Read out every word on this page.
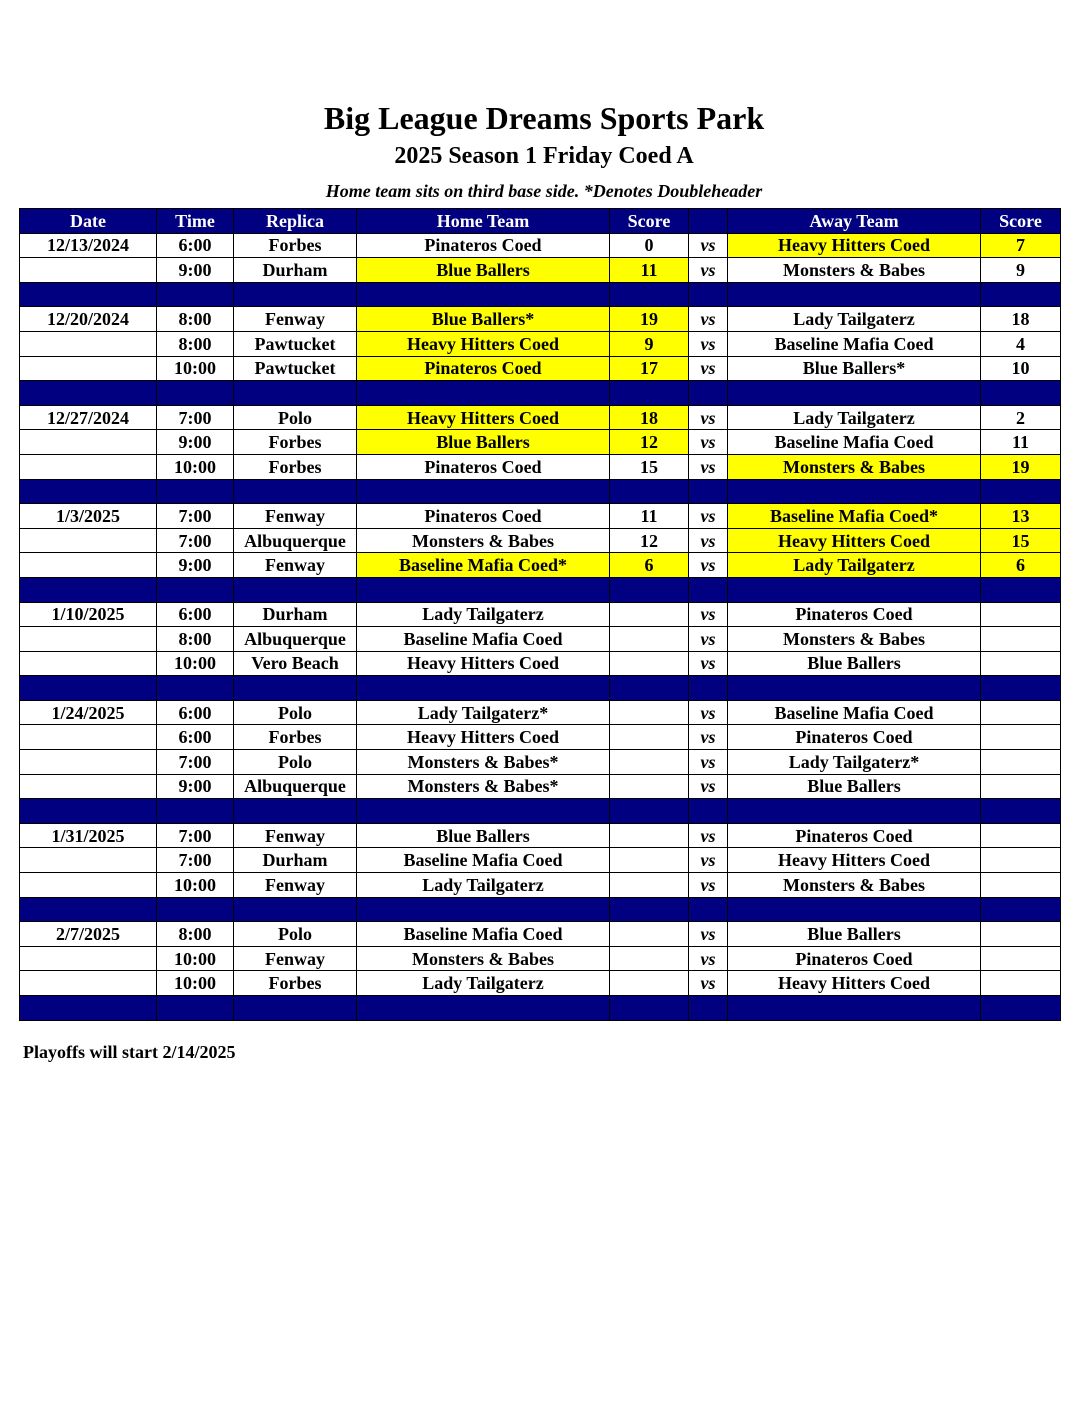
Big League Dreams Sports Park
2025 Season 1 Friday Coed A
Home team sits on third base side. *Denotes Doubleheader
Date	Time	Replica	Home Team	Score		Away Team	Score
12/13/2024	6:00	Forbes	Pinateros Coed	0	vs	Heavy Hitters Coed	7
	9:00	Durham	Blue Ballers	11	vs	Monsters & Babes	9

12/20/2024	8:00	Fenway	Blue Ballers*	19	vs	Lady Tailgaterz	18
	8:00	Pawtucket	Heavy Hitters Coed	9	vs	Baseline Mafia Coed	4
	10:00	Pawtucket	Pinateros Coed	17	vs	Blue Ballers*	10

12/27/2024	7:00	Polo	Heavy Hitters Coed	18	vs	Lady Tailgaterz	2
	9:00	Forbes	Blue Ballers	12	vs	Baseline Mafia Coed	11
	10:00	Forbes	Pinateros Coed	15	vs	Monsters & Babes	19

1/3/2025	7:00	Fenway	Pinateros Coed	11	vs	Baseline Mafia Coed*	13
	7:00	Albuquerque	Monsters & Babes	12	vs	Heavy Hitters Coed	15
	9:00	Fenway	Baseline Mafia Coed*	6	vs	Lady Tailgaterz	6

1/10/2025	6:00	Durham	Lady Tailgaterz		vs	Pinateros Coed	
	8:00	Albuquerque	Baseline Mafia Coed		vs	Monsters & Babes	
	10:00	Vero Beach	Heavy Hitters Coed		vs	Blue Ballers	

1/24/2025	6:00	Polo	Lady Tailgaterz*		vs	Baseline Mafia Coed	
	6:00	Forbes	Heavy Hitters Coed		vs	Pinateros Coed	
	7:00	Polo	Monsters & Babes*		vs	Lady Tailgaterz*	
	9:00	Albuquerque	Monsters & Babes*		vs	Blue Ballers	

1/31/2025	7:00	Fenway	Blue Ballers		vs	Pinateros Coed	
	7:00	Durham	Baseline Mafia Coed		vs	Heavy Hitters Coed	
	10:00	Fenway	Lady Tailgaterz		vs	Monsters & Babes	

2/7/2025	8:00	Polo	Baseline Mafia Coed		vs	Blue Ballers	
	10:00	Fenway	Monsters & Babes		vs	Pinateros Coed	
	10:00	Forbes	Lady Tailgaterz		vs	Heavy Hitters Coed	

Playoffs will start 2/14/2025
